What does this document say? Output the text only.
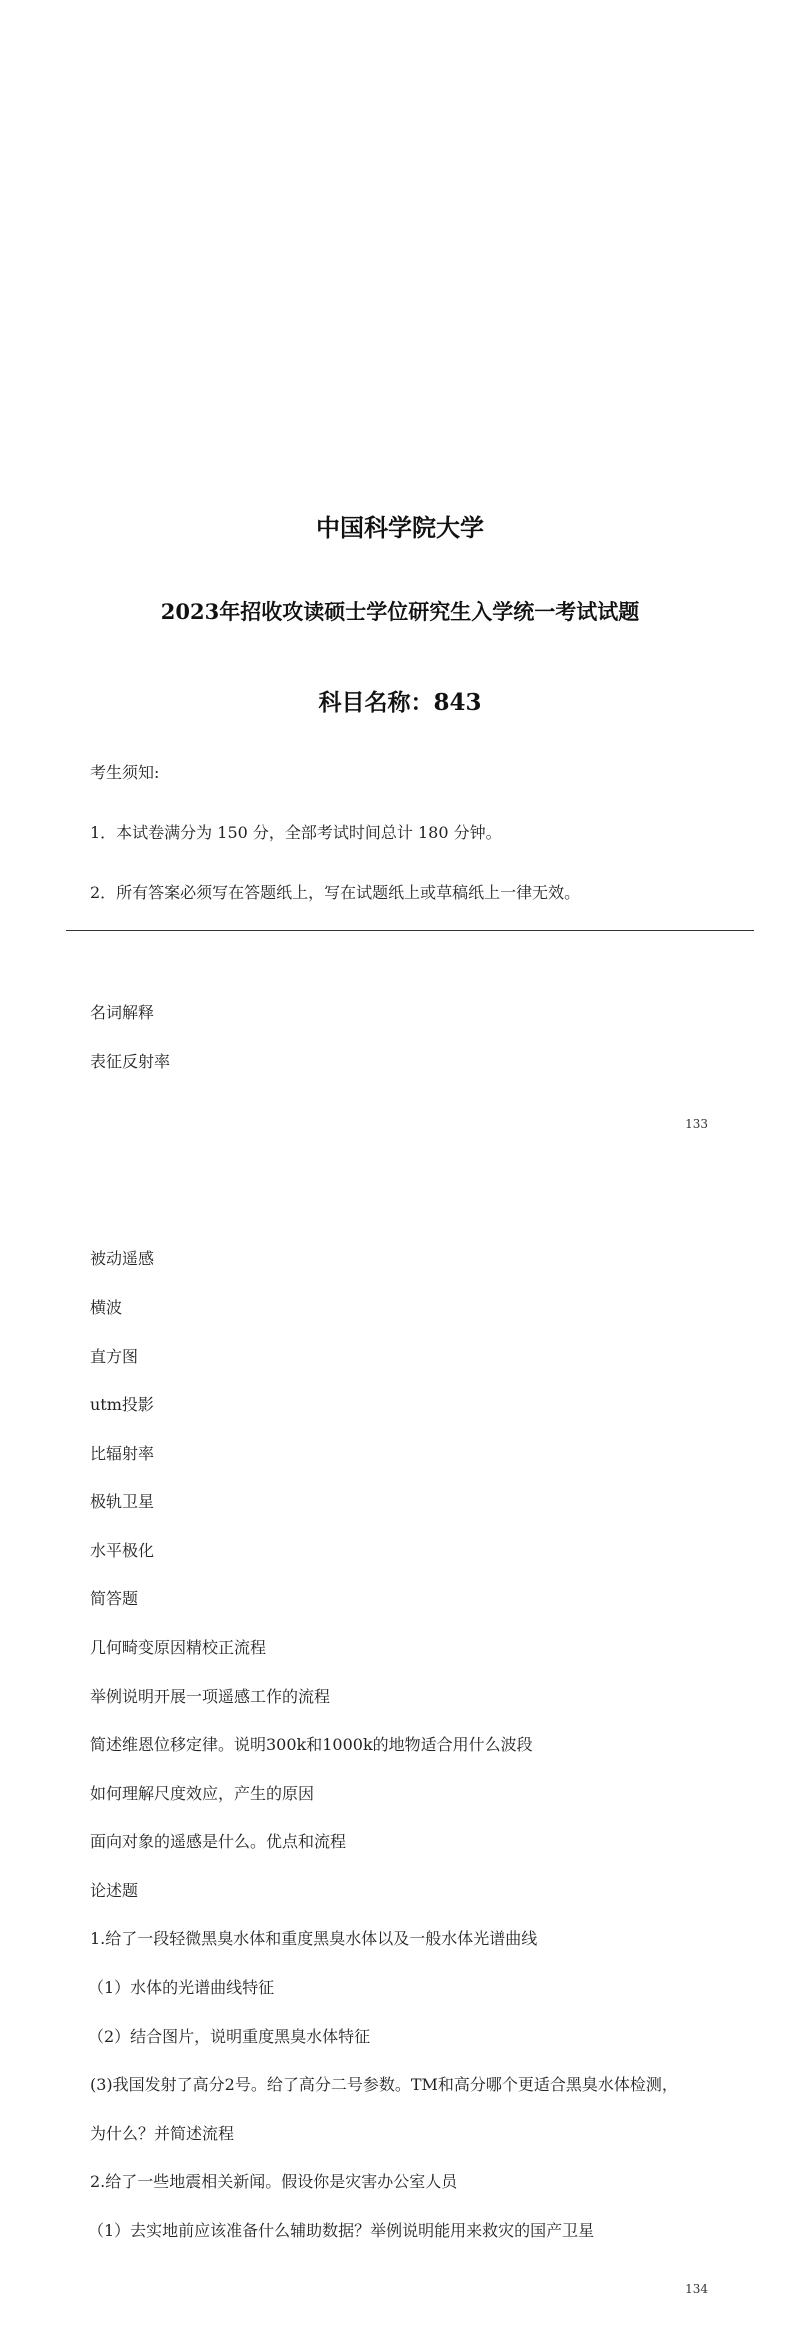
中国科学院大学
2023年招收攻读硕士学位研究生入学统一考试试题
科目名称：843
考生须知:
1．本试卷满分为 150 分，全部考试时间总计 180 分钟。
2．所有答案必须写在答题纸上，写在试题纸上或草稿纸上一律无效。
名词解释
表征反射率
133
被动遥感
横波
直方图
utm投影
比辐射率
极轨卫星
水平极化
简答题
几何畸变原因精校正流程
举例说明开展一项遥感工作的流程
简述维恩位移定律。说明300k和1000k的地物适合用什么波段
如何理解尺度效应，产生的原因
面向对象的遥感是什么。优点和流程
论述题
1.给了一段轻微黑臭水体和重度黑臭水体以及一般水体光谱曲线
（1）水体的光谱曲线特征
（2）结合图片，说明重度黑臭水体特征
(3)我国发射了高分2号。给了高分二号参数。TM和高分哪个更适合黑臭水体检测，
为什么？并简述流程
2.给了一些地震相关新闻。假设你是灾害办公室人员
（1）去实地前应该准备什么辅助数据？举例说明能用来救灾的国产卫星
134
